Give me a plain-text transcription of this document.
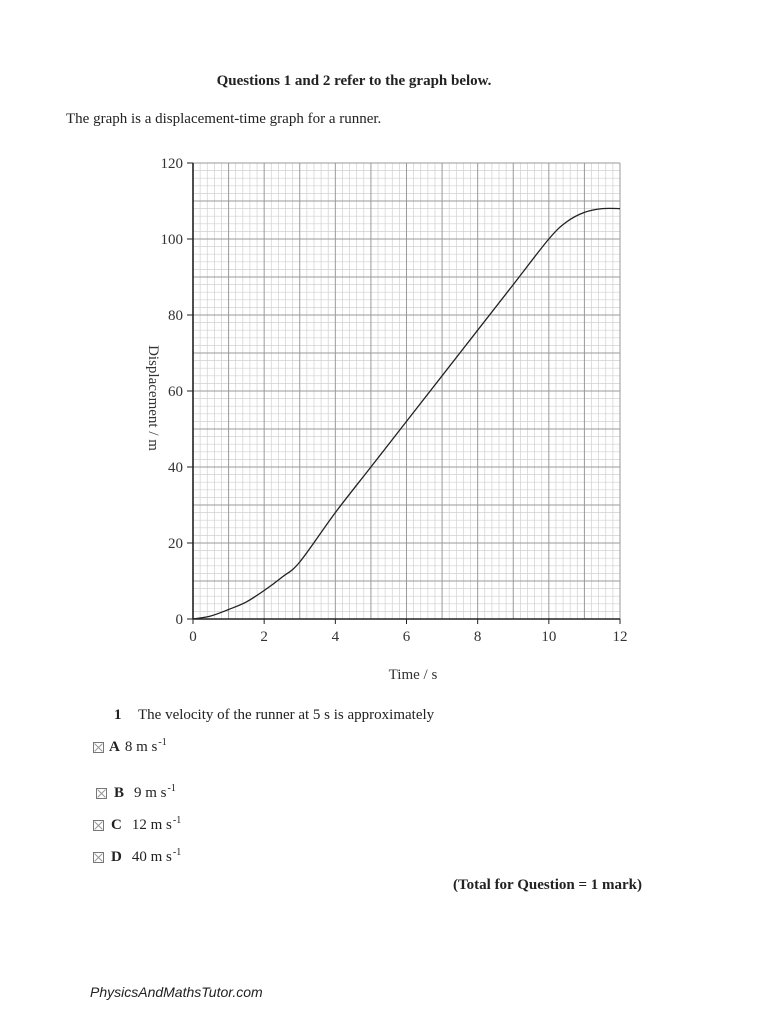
Questions 1 and 2 refer to the graph below.
The graph is a displacement-time graph for a runner.
0	2	4	6	8	10	12
0
20
40
60
80
100
120
Time / s
Displacement / m
1 The velocity of the runner at 5 s is approximately
A 8 m $s^{-1}$
B 9 m $s^{-1}$
C 12 m $s^{-1}$
D 40 m $s^{-1}$
(Total for Question = 1 mark)
PhysicsAndMathsTutor.com
